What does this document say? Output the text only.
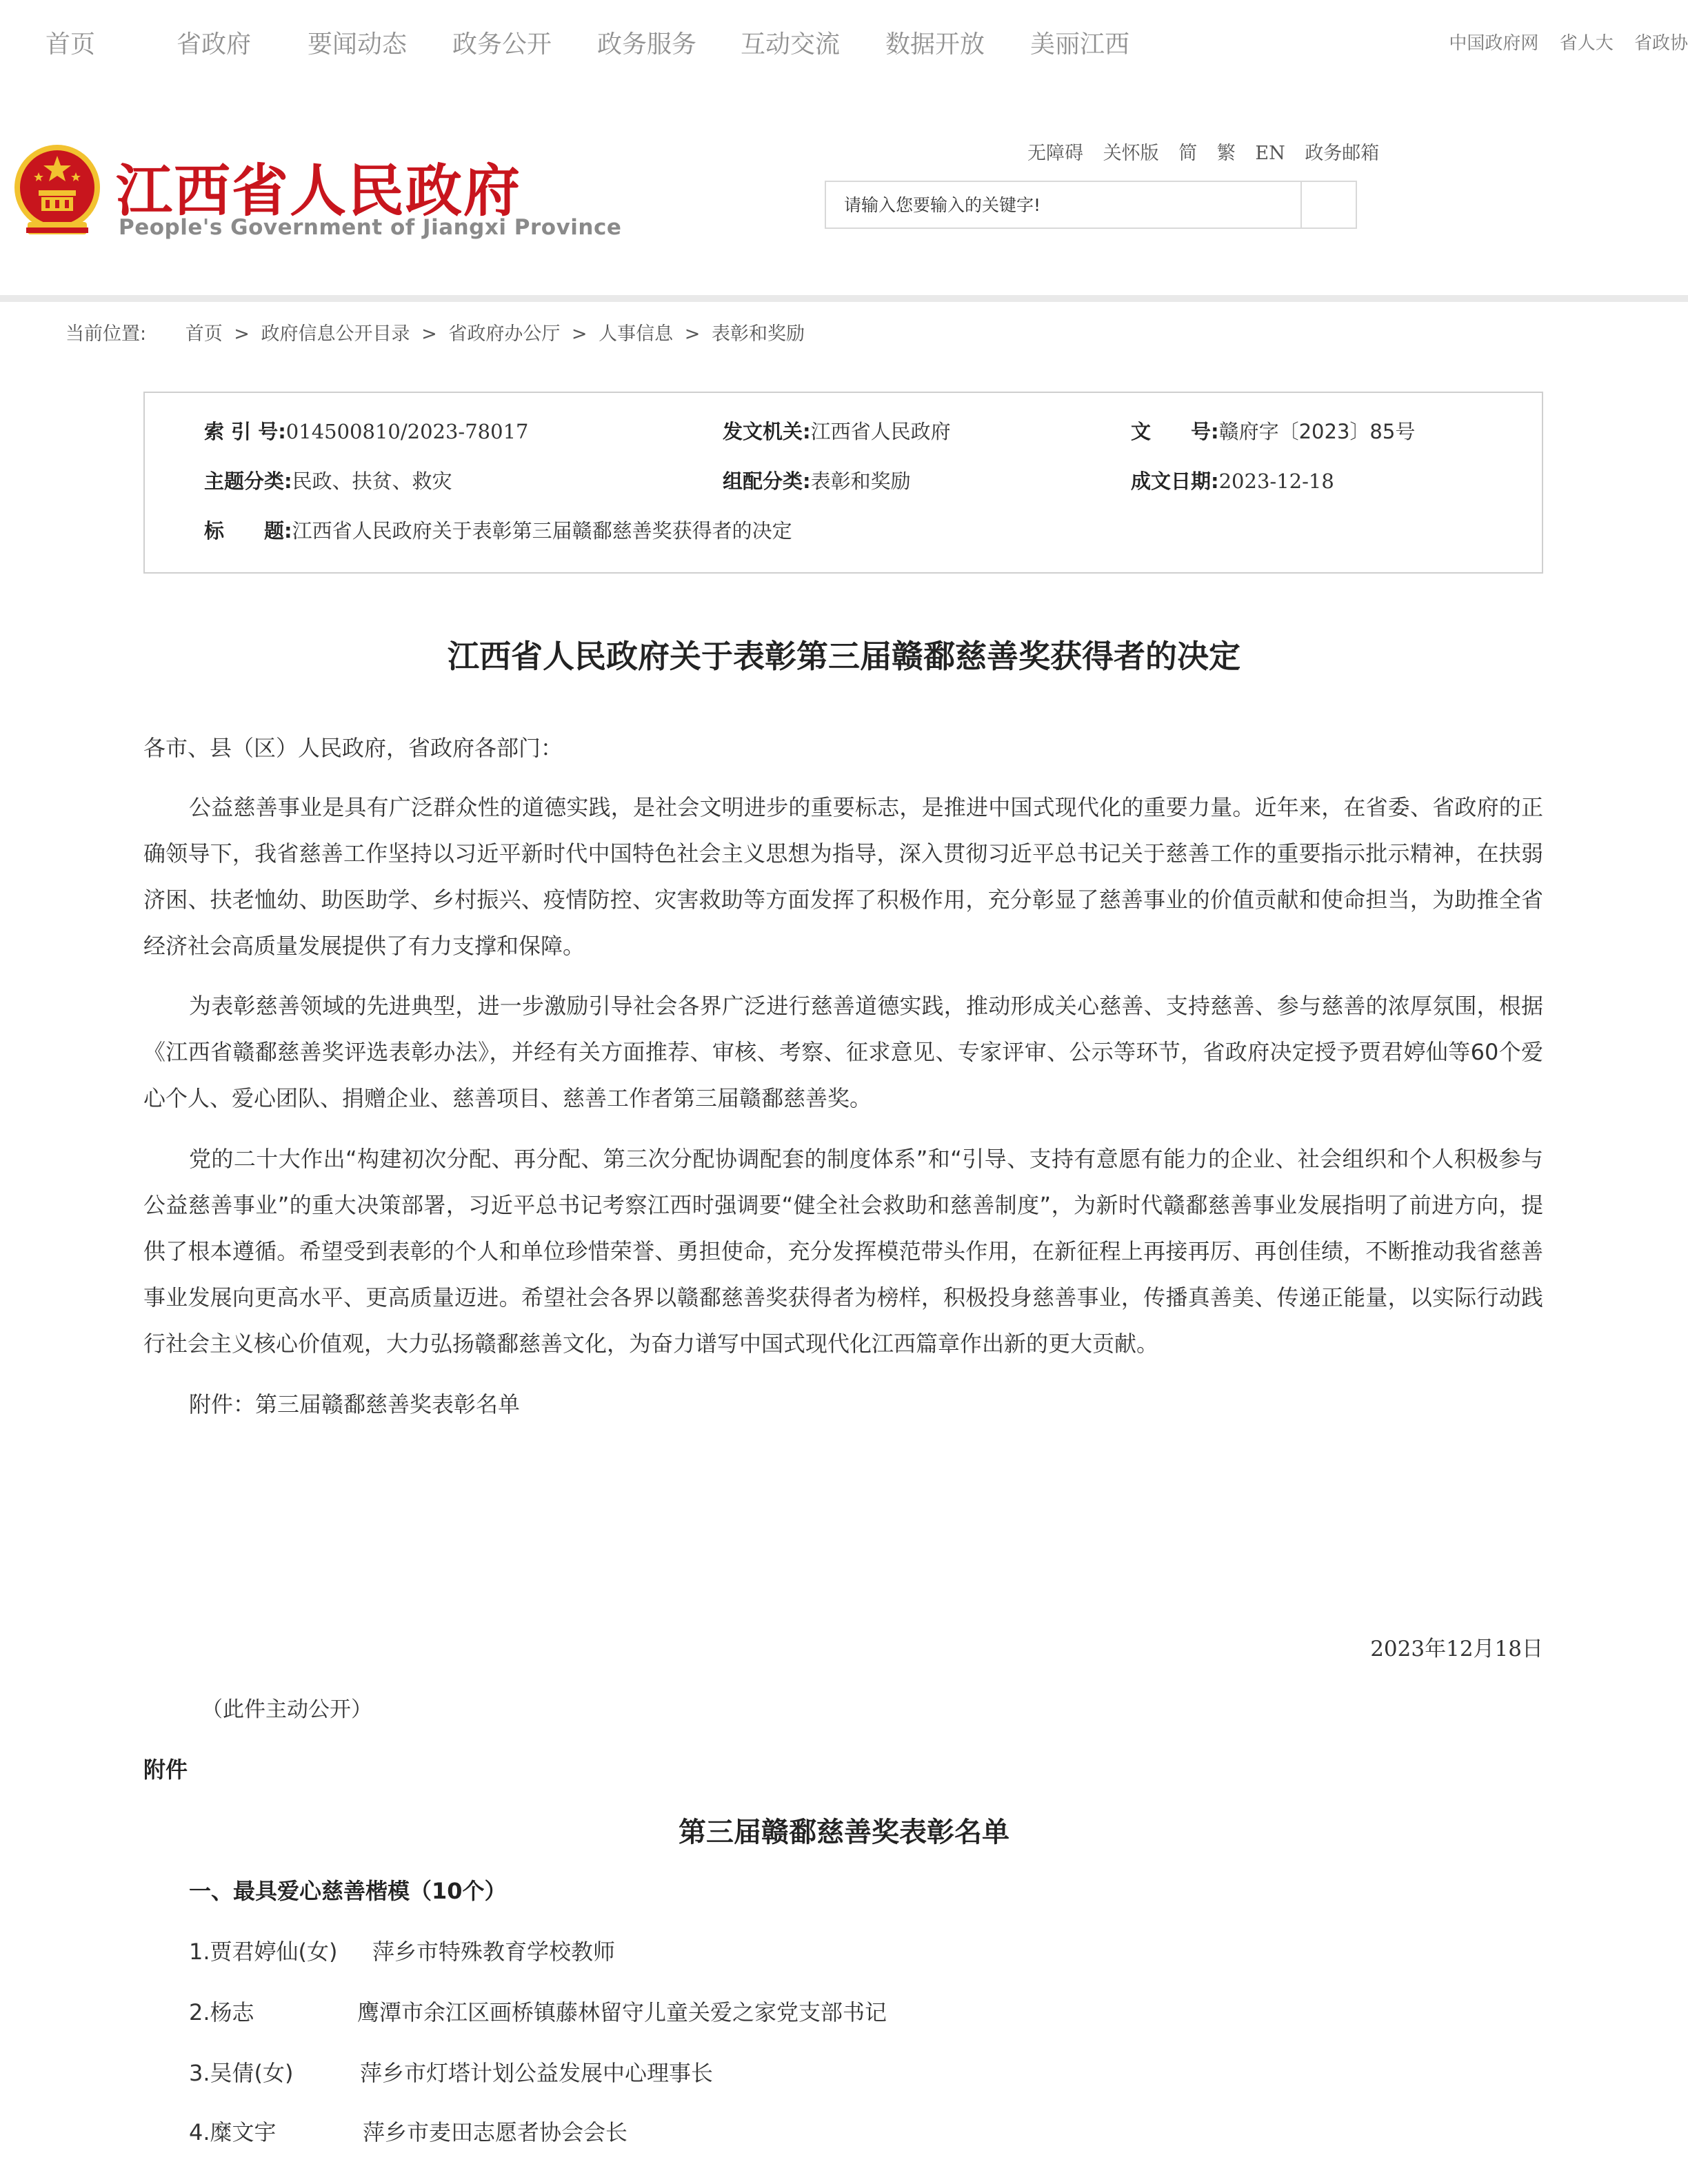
首页	省政府 要闻动态 政务公开 政务服务 互动交流 数据开放 美丽江西	中国政府网 省人大 省政协
江西省人民政府
People's Government of Jiangxi Province
无障碍 关怀版 简 繁 EN 政务邮箱
请输入您要输入的关键字!
当前位置: 首页 > 政府信息公开目录 > 省政府办公厅 > 人事信息 > 表彰和奖励
索 引 号:014500810/2023-78017	发文机关:江西省人民政府	文　　号:赣府字〔2023〕85号
主题分类:民政、扶贫、救灾	组配分类:表彰和奖励	成文日期:2023-12-18
标　　题:江西省人民政府关于表彰第三届赣鄱慈善奖获得者的决定
江西省人民政府关于表彰第三届赣鄱慈善奖获得者的决定

各市、县（区）人民政府，省政府各部门：

公益慈善事业是具有广泛群众性的道德实践，是社会文明进步的重要标志，是推进中国式现代化的重要力量。近年来，在省委、省政府的正确领导下，我省慈善工作坚持以习近平新时代中国特色社会主义思想为指导，深入贯彻习近平总书记关于慈善工作的重要指示批示精神，在扶弱济困、扶老恤幼、助医助学、乡村振兴、疫情防控、灾害救助等方面发挥了积极作用，充分彰显了慈善事业的价值贡献和使命担当，为助推全省经济社会高质量发展提供了有力支撑和保障。

为表彰慈善领域的先进典型，进一步激励引导社会各界广泛进行慈善道德实践，推动形成关心慈善、支持慈善、参与慈善的浓厚氛围，根据《江西省赣鄱慈善奖评选表彰办法》，并经有关方面推荐、审核、考察、征求意见、专家评审、公示等环节，省政府决定授予贾君婷仙等60个爱心个人、爱心团队、捐赠企业、慈善项目、慈善工作者第三届赣鄱慈善奖。

党的二十大作出“构建初次分配、再分配、第三次分配协调配套的制度体系”和“引导、支持有意愿有能力的企业、社会组织和个人积极参与公益慈善事业”的重大决策部署，习近平总书记考察江西时强调要“健全社会救助和慈善制度”，为新时代赣鄱慈善事业发展指明了前进方向，提供了根本遵循。希望受到表彰的个人和单位珍惜荣誉、勇担使命，充分发挥模范带头作用，在新征程上再接再厉、再创佳绩，不断推动我省慈善事业发展向更高水平、更高质量迈进。希望社会各界以赣鄱慈善奖获得者为榜样，积极投身慈善事业，传播真善美、传递正能量，以实际行动践行社会主义核心价值观，大力弘扬赣鄱慈善文化，为奋力谱写中国式现代化江西篇章作出新的更大贡献。

附件：第三届赣鄱慈善奖表彰名单

2023年12月18日
（此件主动公开）
附件
第三届赣鄱慈善奖表彰名单
一、最具爱心慈善楷模（10个）
1.贾君婷仙(女) 萍乡市特殊教育学校教师
2.杨志	鹰潭市余江区画桥镇藤林留守儿童关爱之家党支部书记
3.吴倩(女)	萍乡市灯塔计划公益发展中心理事长
4.糜文宇	萍乡市麦田志愿者协会会长
